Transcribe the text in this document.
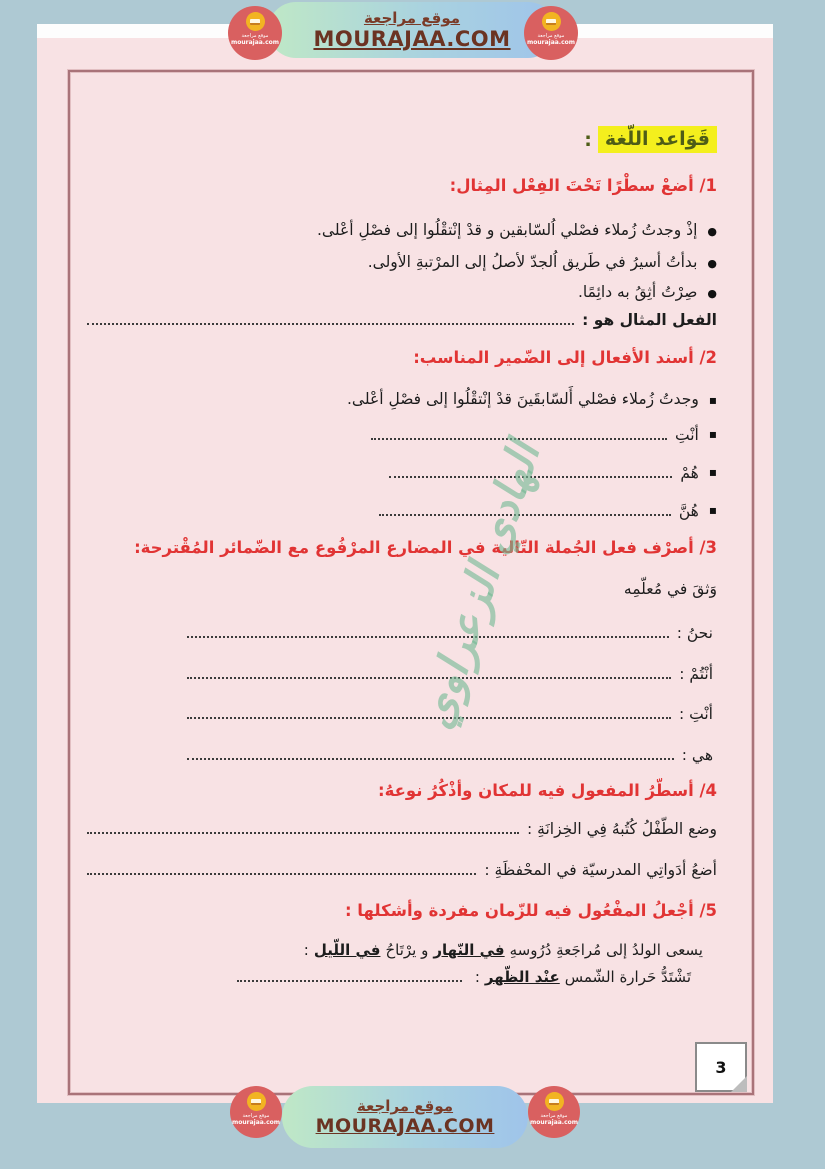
موقع مراجعة
mourajaa.com
موقع مراجعة
MOURAJAA.COM	موقع مراجعة
mourajaa.com
قَوَاعد اللّغة
:
1/ أضعْ سطْرًا تَحْتَ الفِعْل المِثال:
●
إذْ وجدتُ زُملاء فصْلي اُلسّابقين و قدْ إنْتقْلُوا إلى فصْلِ أعْلى.
●
بدأتُ أسيرُ في طَريق اُلجدّ لأصلُ إلى المرْتبةِ الأولى.
●
صِرْتُ أثِقُ به دائِمًا.
الفعل المثال هو :
2/ أسند الأفعال إلى الضّمير المناسب:
▪
وجدتُ زُملاء فصْلي أَلسّابقَينَ قدْ إنْتقْلُوا إلى فصْلِ أعْلى.
▪
أنْتِ
▪
هُمْ
▪
هُنَّ
3/ أصرْف فعل الجُملة التّالية في المضارع المرْفُوع مع الضّمائر المُقْترحة:
وَثقَ في مُعلّمِه
نحنُ :
أنْتُمْ :
أنْتِ :
هي :
4/ أسطّرُ المفعول فيه للمكان وأذْكُرُ نوعهُ:
وضع الطّفْلُ كُتُبهُ فِي الخِزانَةِ :
أضعُ أدَواتِي المدرسيّة في المحْفظَةِ :
5/ أجْعلُ المفْعُول فيه للزّمان مفردة وأشكلها :
يسعى الولدُ إلى مُراجَعةِ دُرُوسهِ
في النّهار
و يرْتَاحُ
في اللّيل
:
تَشْتَدُّ حَرارة الشّمس
عنْد الظّهر
:
الهادي الزعراوي
3
موقع مراجعة
mourajaa.com
موقع مراجعة
MOURAJAA.COM	موقع مراجعة
mourajaa.com
